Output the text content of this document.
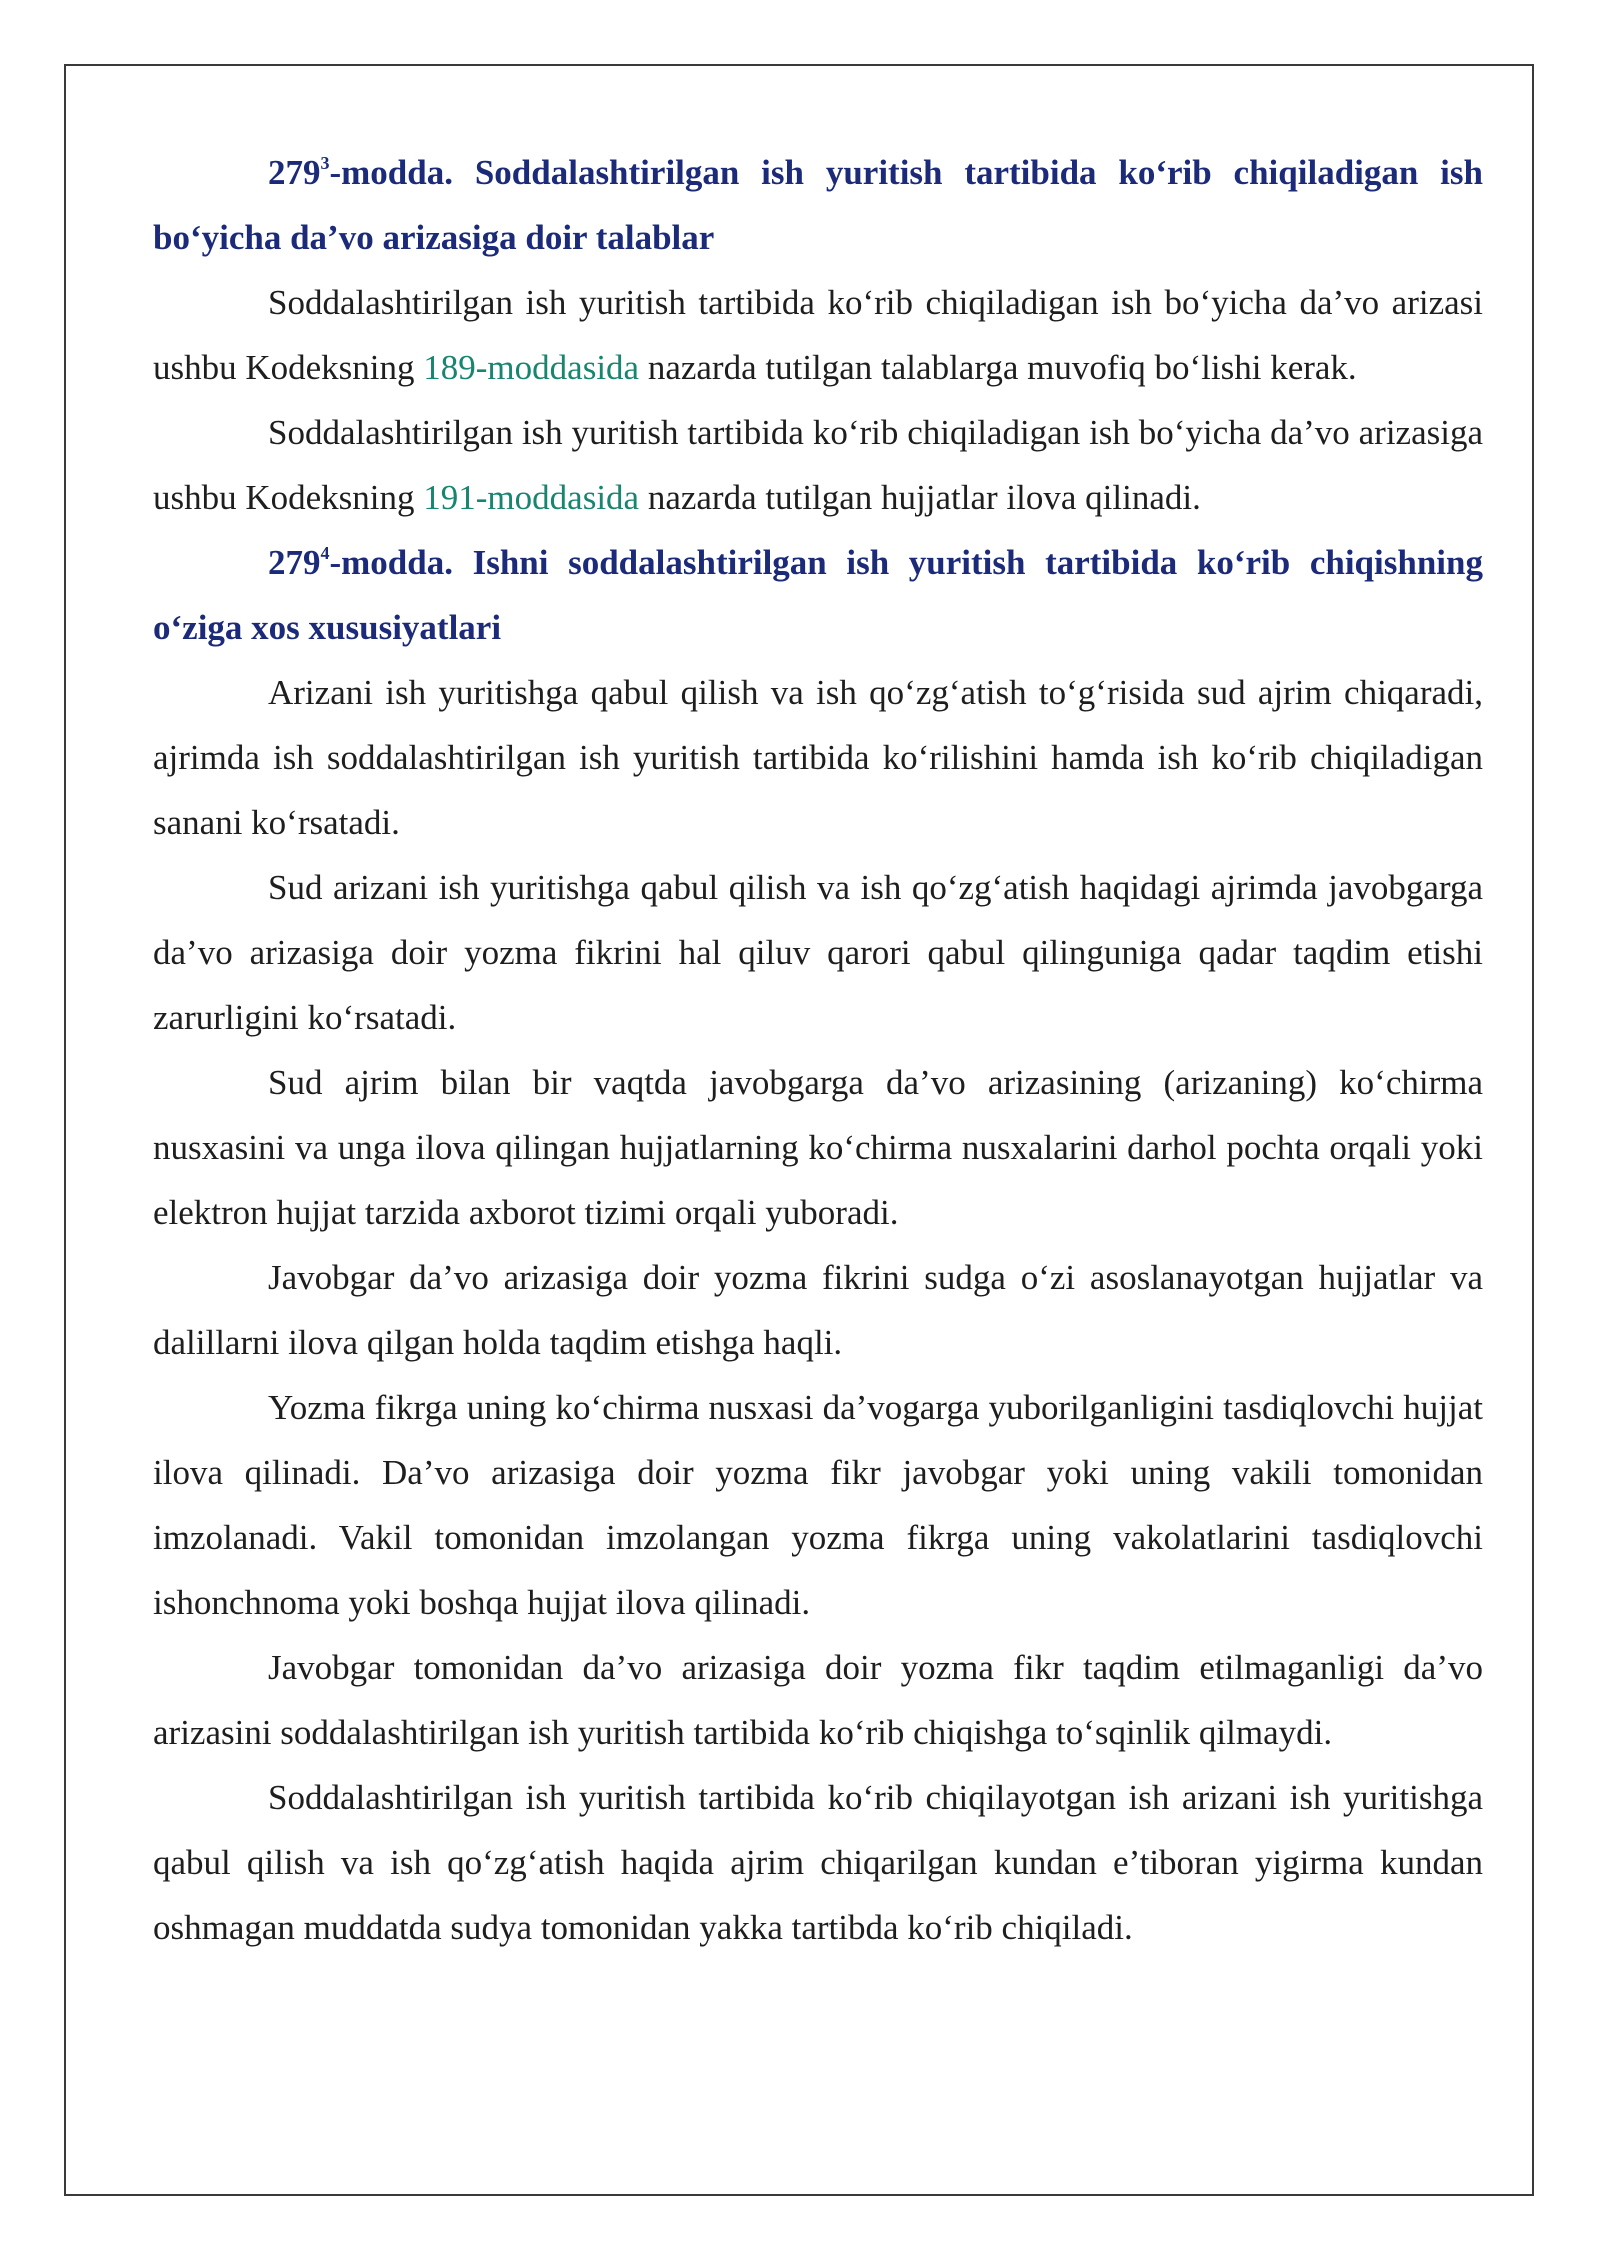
$279^3$-modda. Soddalashtirilgan ish yuritish tartibida ko‘rib chiqiladigan ish bo‘yicha da’vo arizasiga doir talablar

Soddalashtirilgan ish yuritish tartibida ko‘rib chiqiladigan ish bo‘yicha da’vo arizasi ushbu Kodeksning 189-moddasida nazarda tutilgan talablarga muvofiq bo‘lishi kerak.

Soddalashtirilgan ish yuritish tartibida ko‘rib chiqiladigan ish bo‘yicha da’vo arizasiga ushbu Kodeksning 191-moddasida nazarda tutilgan hujjatlar ilova qilinadi.

$279^4$-modda. Ishni soddalashtirilgan ish yuritish tartibida ko‘rib chiqishning o‘ziga xos xususiyatlari

Arizani ish yuritishga qabul qilish va ish qo‘zg‘atish to‘g‘risida sud ajrim chiqaradi, ajrimda ish soddalashtirilgan ish yuritish tartibida ko‘rilishini hamda ish ko‘rib chiqiladigan sanani ko‘rsatadi.

Sud arizani ish yuritishga qabul qilish va ish qo‘zg‘atish haqidagi ajrimda javobgarga da’vo arizasiga doir yozma fikrini hal qiluv qarori qabul qilinguniga qadar taqdim etishi zarurligini ko‘rsatadi.

Sud ajrim bilan bir vaqtda javobgarga da’vo arizasining (arizaning) ko‘chirma nusxasini va unga ilova qilingan hujjatlarning ko‘chirma nusxalarini darhol pochta orqali yoki elektron hujjat tarzida axborot tizimi orqali yuboradi.

Javobgar da’vo arizasiga doir yozma fikrini sudga o‘zi asoslanayotgan hujjatlar va dalillarni ilova qilgan holda taqdim etishga haqli.

Yozma fikrga uning ko‘chirma nusxasi da’vogarga yuborilganligini tasdiqlovchi hujjat ilova qilinadi. Da’vo arizasiga doir yozma fikr javobgar yoki uning vakili tomonidan imzolanadi. Vakil tomonidan imzolangan yozma fikrga uning vakolatlarini tasdiqlovchi ishonchnoma yoki boshqa hujjat ilova qilinadi.

Javobgar tomonidan da’vo arizasiga doir yozma fikr taqdim etilmaganligi da’vo arizasini soddalashtirilgan ish yuritish tartibida ko‘rib chiqishga to‘sqinlik qilmaydi.

Soddalashtirilgan ish yuritish tartibida ko‘rib chiqilayotgan ish arizani ish yuritishga qabul qilish va ish qo‘zg‘atish haqida ajrim chiqarilgan kundan e’tiboran yigirma kundan oshmagan muddatda sudya tomonidan yakka tartibda ko‘rib chiqiladi.
